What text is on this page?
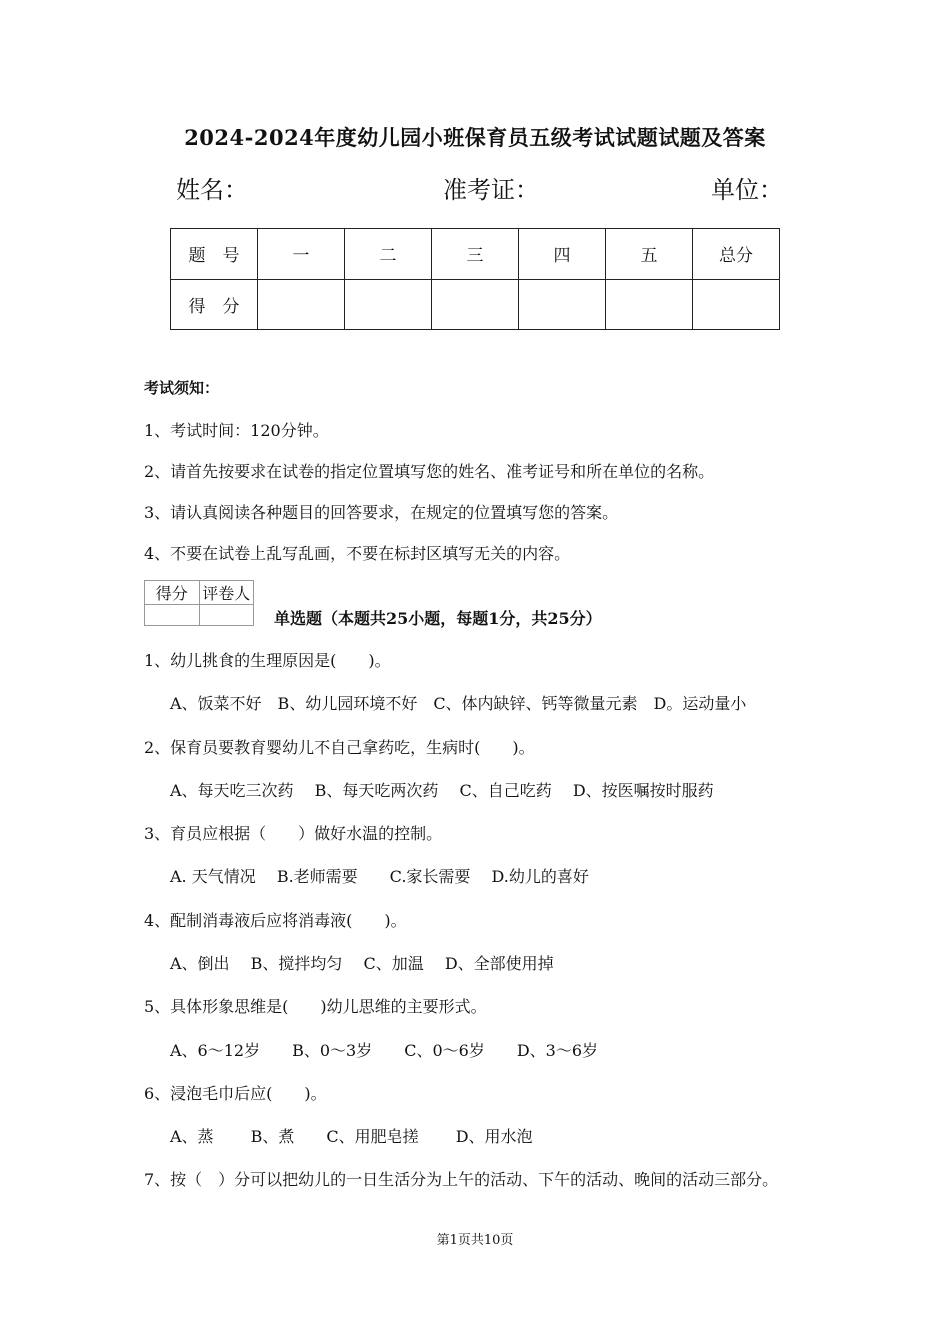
2024-2024年度幼儿园小班保育员五级考试试题试题及答案
姓名：	准考证：	单位：
题　号	一	二	三	四	五	总分
得　分						
考试须知：
1、考试时间：120分钟。
2、请首先按要求在试卷的指定位置填写您的姓名、准考证号和所在单位的名称。
3、请认真阅读各种题目的回答要求，在规定的位置填写您的答案。
4、不要在试卷上乱写乱画，不要在标封区填写无关的内容。
得分	评卷人

单选题（本题共25小题，每题1分，共25分）
1、幼儿挑食的生理原因是(　　)。
A、饭菜不好　B、幼儿园环境不好　C、体内缺锌、钙等微量元素　D。运动量小
2、保育员要教育婴幼儿不自己拿药吃，生病时(　　)。
A、每天吃三次药　 B、每天吃两次药　 C、自己吃药　 D、按医嘱按时服药
3、育员应根据（　　）做好水温的控制。
A. 天气情况　 B.老师需要　　C.家长需要　 D.幼儿的喜好
4、配制消毒液后应将消毒液(　　)。
A、倒出　 B、搅拌均匀　 C、加温　 D、全部使用掉
5、具体形象思维是(　　)幼儿思维的主要形式。
A、6～12岁　　B、0～3岁　　C、0～6岁　　D、3～6岁
6、浸泡毛巾后应(　　)。
A、蒸　　 B、煮　　C、用肥皂搓　　 D、用水泡
7、按（　）分可以把幼儿的一日生活分为上午的活动、下午的活动、晚间的活动三部分。
第1页共10页
